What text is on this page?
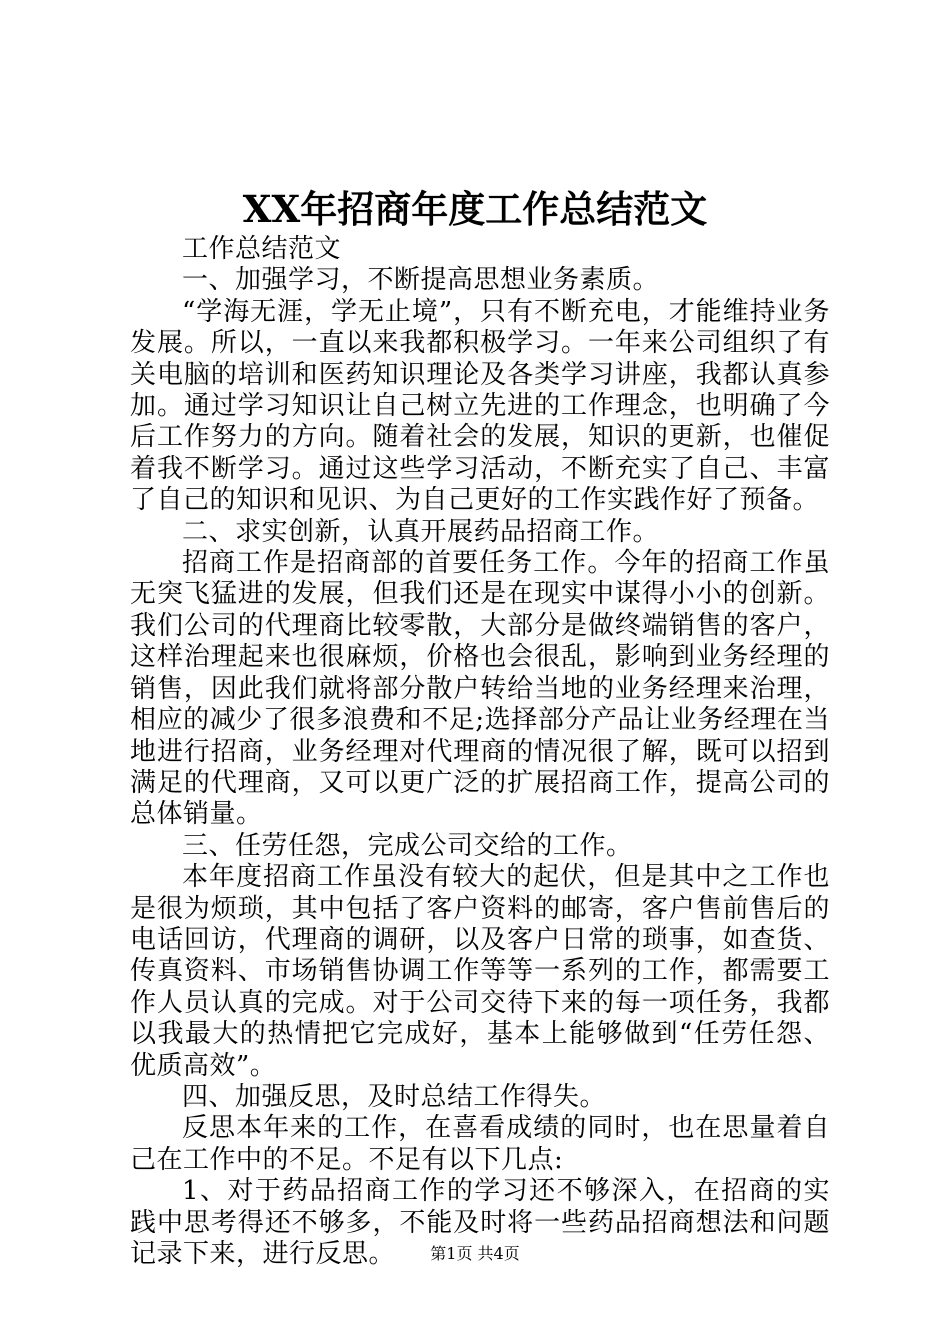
XX年招商年度工作总结范文

工作总结范文

一、加强学习，不断提高思想业务素质。

“学海无涯，学无止境”，只有不断充电，才能维持业务发展。所以，一直以来我都积极学习。一年来公司组织了有关电脑的培训和医药知识理论及各类学习讲座，我都认真参加。通过学习知识让自己树立先进的工作理念，也明确了今后工作努力的方向。随着社会的发展，知识的更新，也催促着我不断学习。通过这些学习活动，不断充实了自己、丰富了自己的知识和见识、为自己更好的工作实践作好了预备。

二、求实创新，认真开展药品招商工作。

招商工作是招商部的首要任务工作。今年的招商工作虽无突飞猛进的发展，但我们还是在现实中谋得小小的创新。我们公司的代理商比较零散，大部分是做终端销售的客户，这样治理起来也很麻烦，价格也会很乱，影响到业务经理的销售，因此我们就将部分散户转给当地的业务经理来治理，相应的减少了很多浪费和不足;选择部分产品让业务经理在当地进行招商，业务经理对代理商的情况很了解，既可以招到满足的代理商，又可以更广泛的扩展招商工作，提高公司的总体销量。

三、任劳任怨，完成公司交给的工作。

本年度招商工作虽没有较大的起伏，但是其中之工作也是很为烦琐，其中包括了客户资料的邮寄，客户售前售后的电话回访，代理商的调研，以及客户日常的琐事，如查货、传真资料、市场销售协调工作等等一系列的工作，都需要工作人员认真的完成。对于公司交待下来的每一项任务，我都以我最大的热情把它完成好，基本上能够做到“任劳任怨、优质高效”。

四、加强反思，及时总结工作得失。

反思本年来的工作，在喜看成绩的同时，也在思量着自己在工作中的不足。不足有以下几点:

1、对于药品招商工作的学习还不够深入，在招商的实践中思考得还不够多，不能及时将一些药品招商想法和问题记录下来，进行反思。	第1页 共4页
